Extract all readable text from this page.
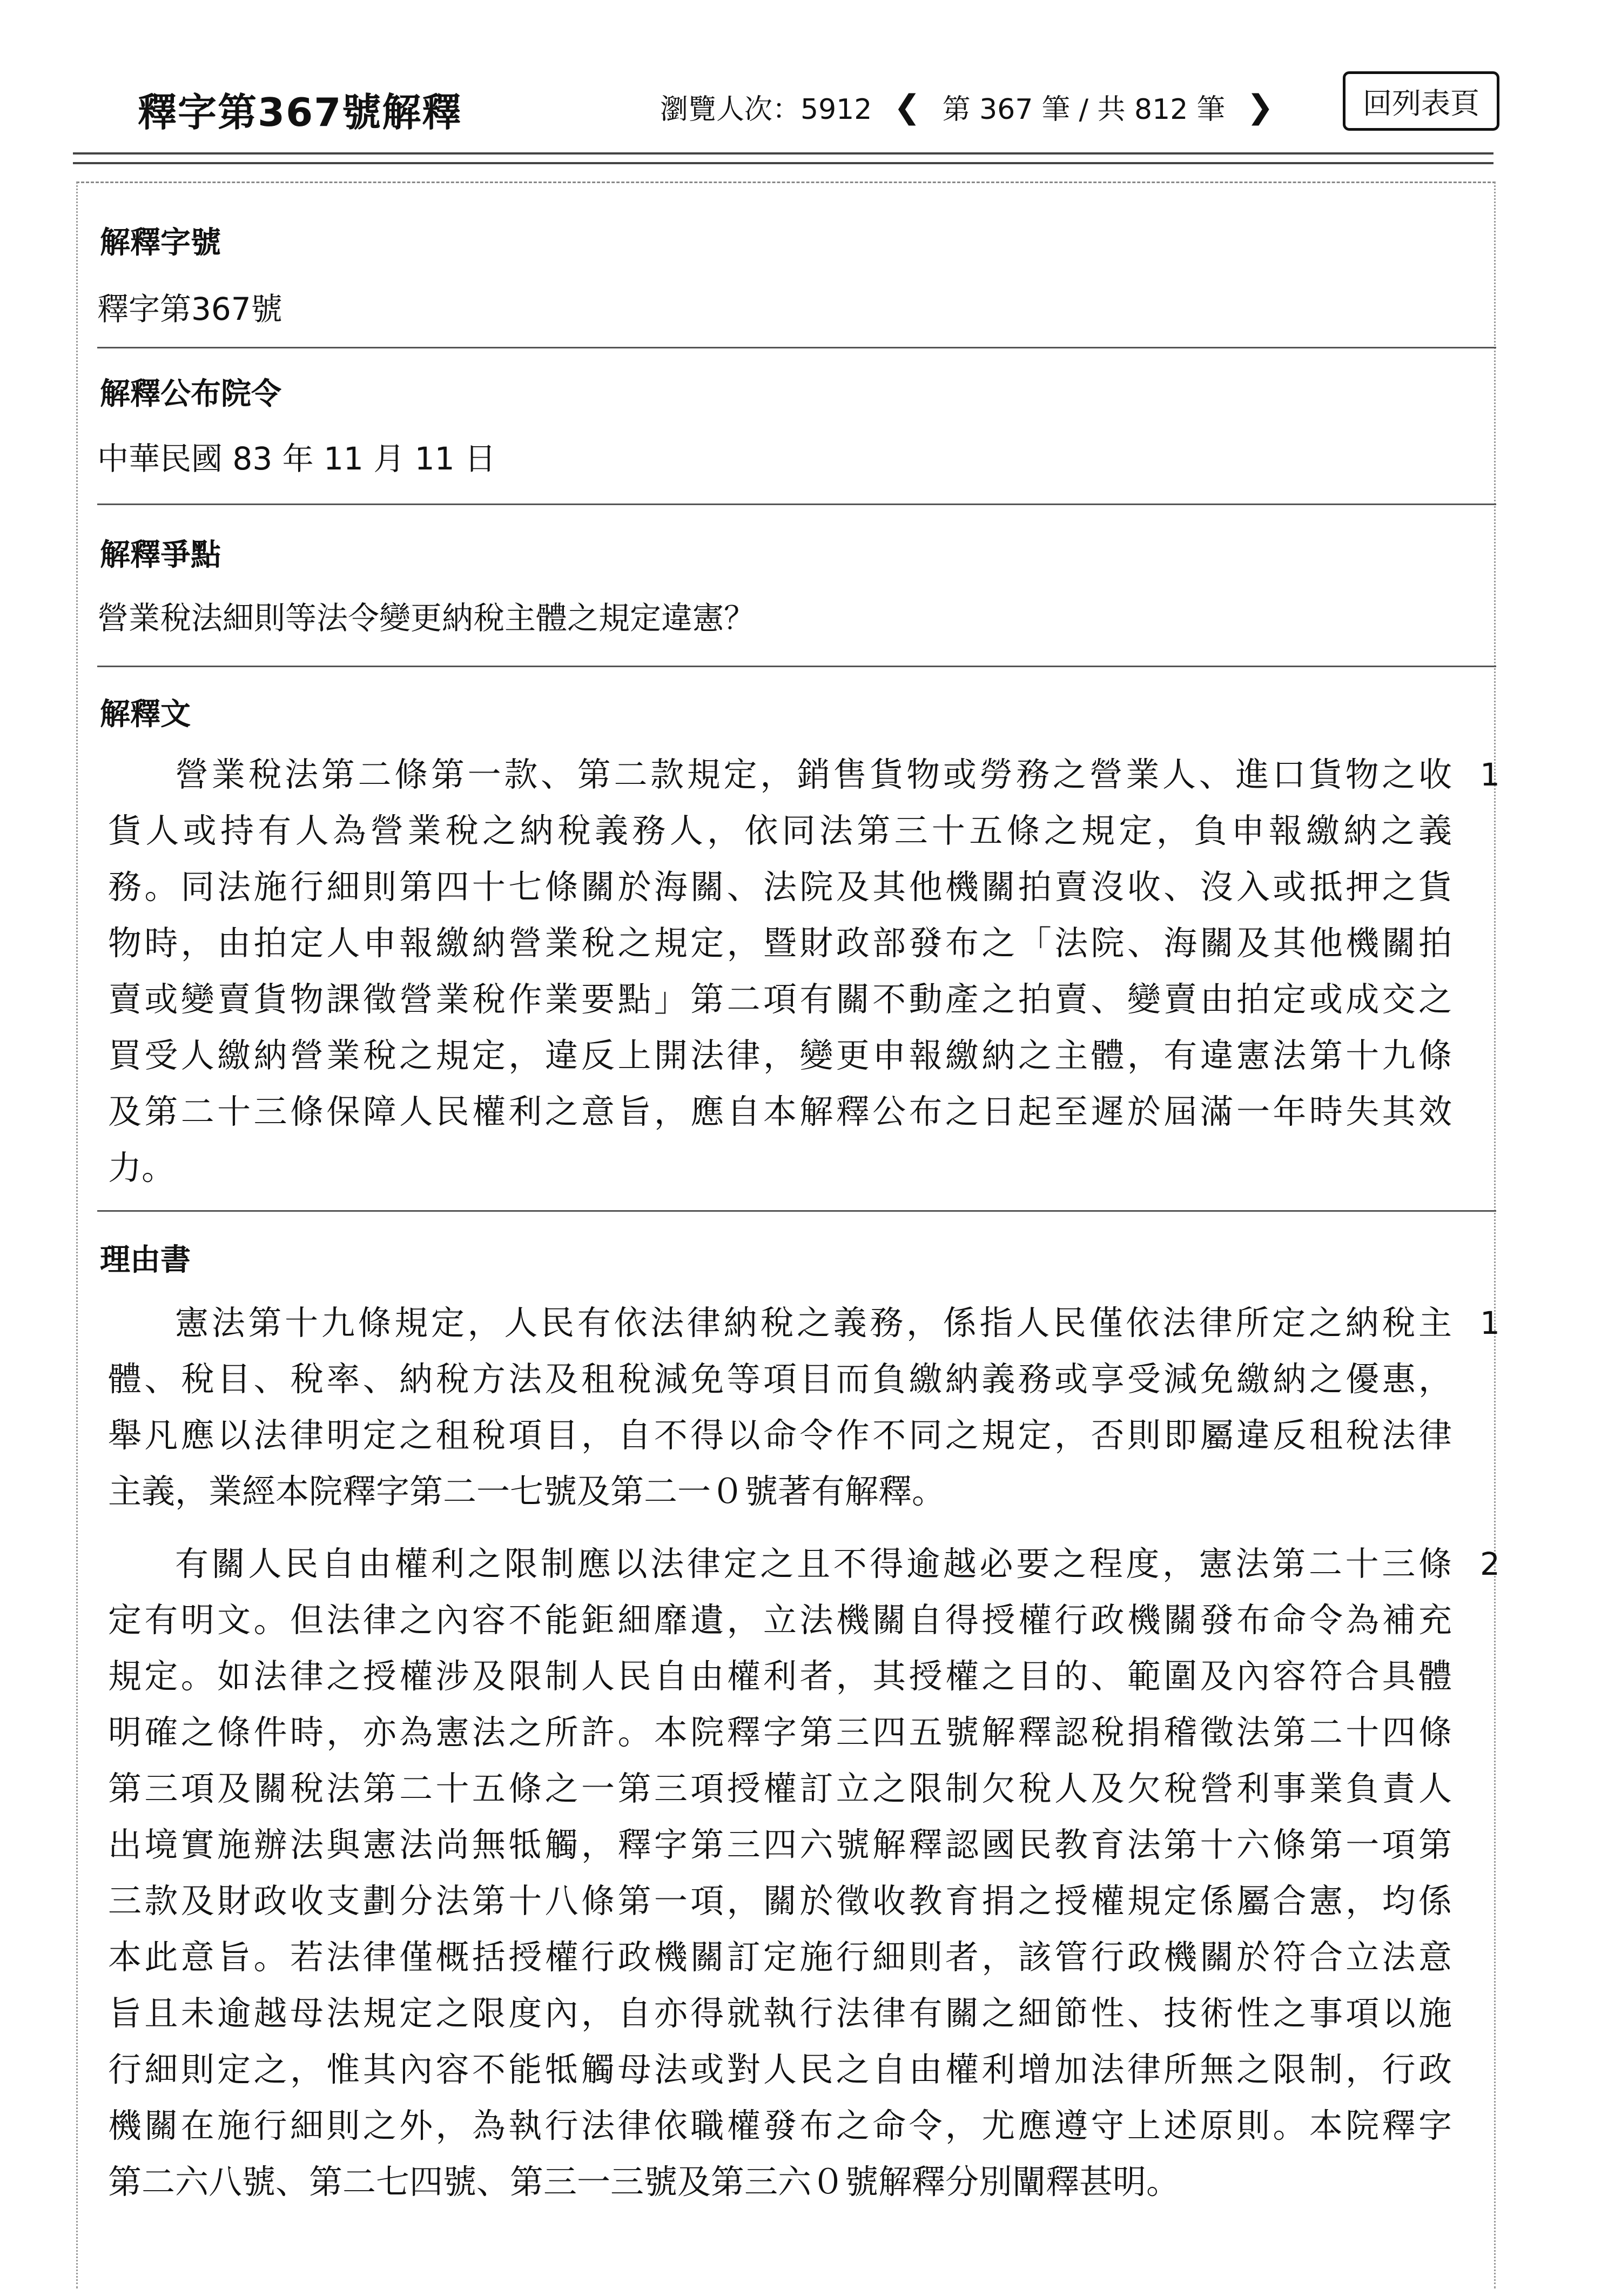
釋字第367號解釋	瀏覽人次：5912 ❮ 第 367 筆 / 共 812 筆 ❯	回列表頁
解釋字號
釋字第367號
解釋公布院令
中華民國 83 年 11 月 11 日
解釋爭點
營業稅法細則等法令變更納稅主體之規定違憲？
解釋文
營業稅法第二條第一款、第二款規定，銷售貨物或勞務之營業人、進口貨物之收
貨人或持有人為營業稅之納稅義務人，依同法第三十五條之規定，負申報繳納之義
務。同法施行細則第四十七條關於海關、法院及其他機關拍賣沒收、沒入或抵押之貨
物時，由拍定人申報繳納營業稅之規定，暨財政部發布之「法院、海關及其他機關拍
賣或變賣貨物課徵營業稅作業要點」第二項有關不動產之拍賣、變賣由拍定或成交之
買受人繳納營業稅之規定，違反上開法律，變更申報繳納之主體，有違憲法第十九條
及第二十三條保障人民權利之意旨，應自本解釋公布之日起至遲於屆滿一年時失其效
力。
1
理由書
憲法第十九條規定，人民有依法律納稅之義務，係指人民僅依法律所定之納稅主
體、稅目、稅率、納稅方法及租稅減免等項目而負繳納義務或享受減免繳納之優惠，
舉凡應以法律明定之租稅項目，自不得以命令作不同之規定，否則即屬違反租稅法律
主義，業經本院釋字第二一七號及第二一０號著有解釋。
1
有關人民自由權利之限制應以法律定之且不得逾越必要之程度，憲法第二十三條
定有明文。但法律之內容不能鉅細靡遺，立法機關自得授權行政機關發布命令為補充
規定。如法律之授權涉及限制人民自由權利者，其授權之目的、範圍及內容符合具體
明確之條件時，亦為憲法之所許。本院釋字第三四五號解釋認稅捐稽徵法第二十四條
第三項及關稅法第二十五條之一第三項授權訂立之限制欠稅人及欠稅營利事業負責人
出境實施辦法與憲法尚無牴觸，釋字第三四六號解釋認國民教育法第十六條第一項第
三款及財政收支劃分法第十八條第一項，關於徵收教育捐之授權規定係屬合憲，均係
本此意旨。若法律僅概括授權行政機關訂定施行細則者，該管行政機關於符合立法意
旨且未逾越母法規定之限度內，自亦得就執行法律有關之細節性、技術性之事項以施
行細則定之，惟其內容不能牴觸母法或對人民之自由權利增加法律所無之限制，行政
機關在施行細則之外，為執行法律依職權發布之命令，尤應遵守上述原則。本院釋字
第二六八號、第二七四號、第三一三號及第三六０號解釋分別闡釋甚明。
2
